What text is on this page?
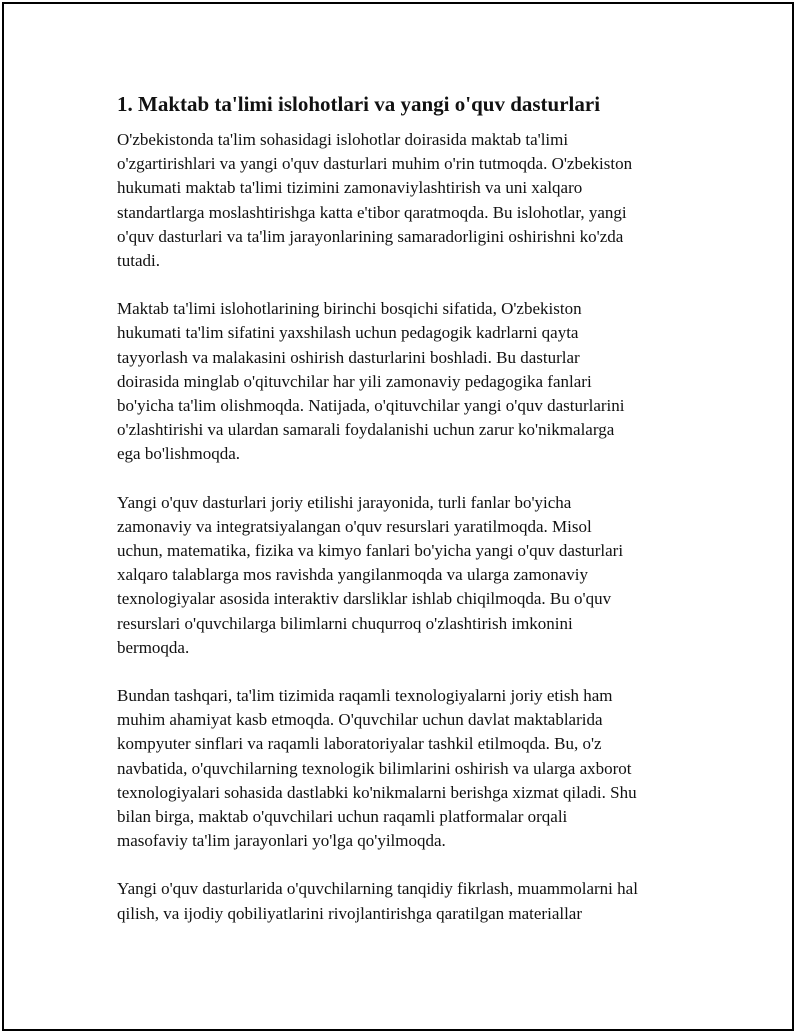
1. Maktab ta'limi islohotlari va yangi o'quv dasturlari

O'zbekistonda ta'lim sohasidagi islohotlar doirasida maktab ta'limi
o'zgartirishlari va yangi o'quv dasturlari muhim o'rin tutmoqda. O'zbekiston
hukumati maktab ta'limi tizimini zamonaviylashtirish va uni xalqaro
standartlarga moslashtirishga katta e'tibor qaratmoqda. Bu islohotlar, yangi
o'quv dasturlari va ta'lim jarayonlarining samaradorligini oshirishni ko'zda
tutadi.

Maktab ta'limi islohotlarining birinchi bosqichi sifatida, O'zbekiston
hukumati ta'lim sifatini yaxshilash uchun pedagogik kadrlarni qayta
tayyorlash va malakasini oshirish dasturlarini boshladi. Bu dasturlar
doirasida minglab o'qituvchilar har yili zamonaviy pedagogika fanlari
bo'yicha ta'lim olishmoqda. Natijada, o'qituvchilar yangi o'quv dasturlarini
o'zlashtirishi va ulardan samarali foydalanishi uchun zarur ko'nikmalarga
ega bo'lishmoqda.

Yangi o'quv dasturlari joriy etilishi jarayonida, turli fanlar bo'yicha
zamonaviy va integratsiyalangan o'quv resurslari yaratilmoqda. Misol
uchun, matematika, fizika va kimyo fanlari bo'yicha yangi o'quv dasturlari
xalqaro talablarga mos ravishda yangilanmoqda va ularga zamonaviy
texnologiyalar asosida interaktiv darsliklar ishlab chiqilmoqda. Bu o'quv
resurslari o'quvchilarga bilimlarni chuqurroq o'zlashtirish imkonini
bermoqda.

Bundan tashqari, ta'lim tizimida raqamli texnologiyalarni joriy etish ham
muhim ahamiyat kasb etmoqda. O'quvchilar uchun davlat maktablarida
kompyuter sinflari va raqamli laboratoriyalar tashkil etilmoqda. Bu, o'z
navbatida, o'quvchilarning texnologik bilimlarini oshirish va ularga axborot
texnologiyalari sohasida dastlabki ko'nikmalarni berishga xizmat qiladi. Shu
bilan birga, maktab o'quvchilari uchun raqamli platformalar orqali
masofaviy ta'lim jarayonlari yo'lga qo'yilmoqda.

Yangi o'quv dasturlarida o'quvchilarning tanqidiy fikrlash, muammolarni hal
qilish, va ijodiy qobiliyatlarini rivojlantirishga qaratilgan materiallar
